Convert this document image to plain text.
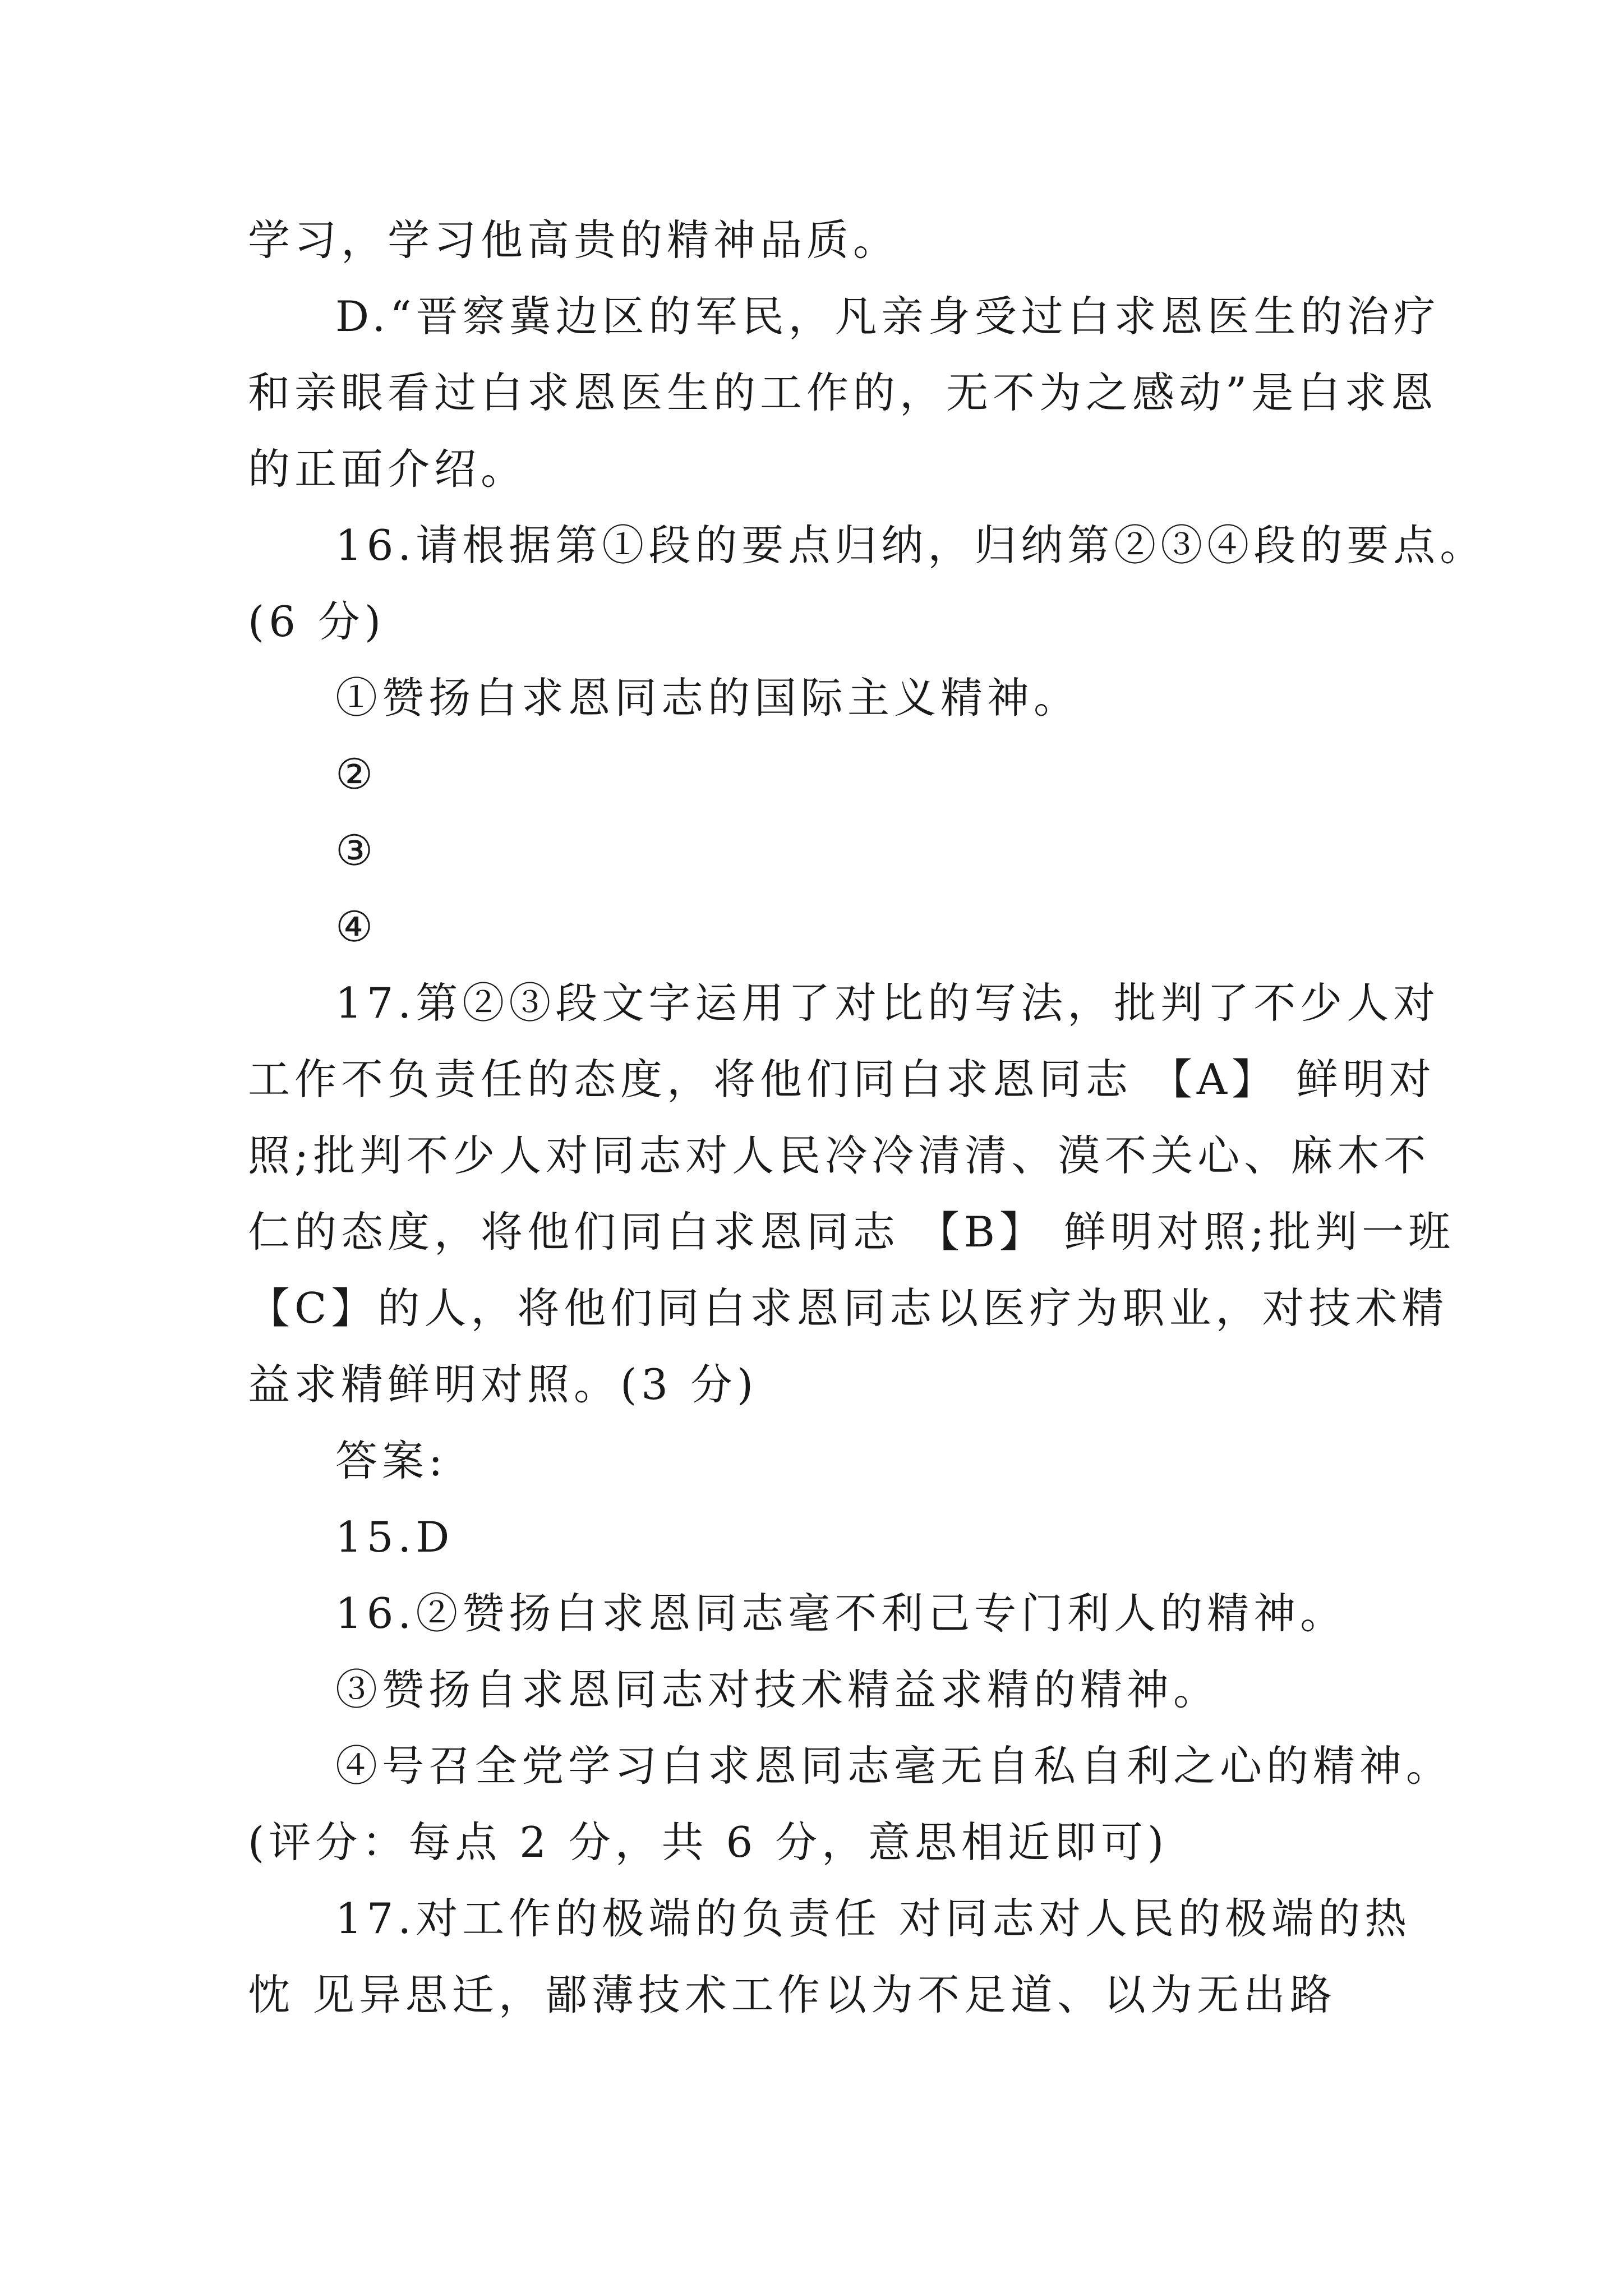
学习，学习他高贵的精神品质。
D.“晋察冀边区的军民，凡亲身受过白求恩医生的治疗
和亲眼看过白求恩医生的工作的，无不为之感动”是白求恩
的正面介绍。
16.请根据第①段的要点归纳，归纳第②③④段的要点。
(6 分)
①赞扬白求恩同志的国际主义精神。
②
③
④
17.第②③段文字运用了对比的写法，批判了不少人对
工作不负责任的态度，将他们同白求恩同志 【A】 鲜明对
照;批判不少人对同志对人民冷冷清清、漠不关心、麻木不
仁的态度，将他们同白求恩同志 【B】 鲜明对照;批判一班
【C】的人，将他们同白求恩同志以医疗为职业，对技术精
益求精鲜明对照。(3 分)
答案:
15.D
16.②赞扬白求恩同志毫不利己专门利人的精神。
③赞扬自求恩同志对技术精益求精的精神。
④号召全党学习白求恩同志毫无自私自利之心的精神。
(评分：每点 2 分，共 6 分，意思相近即可)
17.对工作的极端的负责任 对同志对人民的极端的热
忱 见异思迁，鄙薄技术工作以为不足道、以为无出路
